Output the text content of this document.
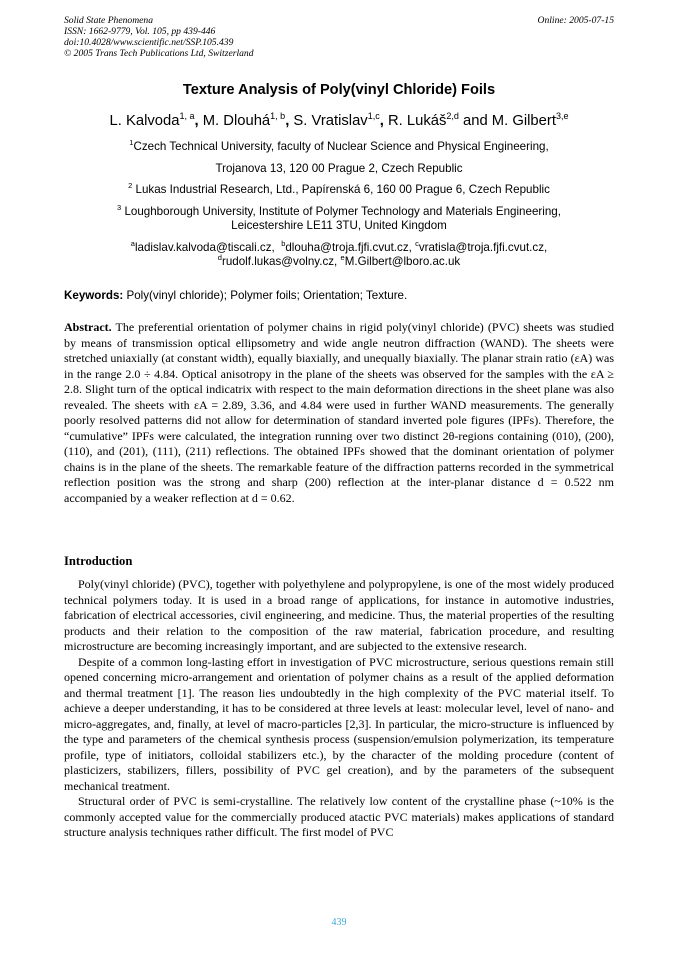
Solid State Phenomena
ISSN: 1662-9779, Vol. 105, pp 439-446
doi:10.4028/www.scientific.net/SSP.105.439
© 2005 Trans Tech Publications Ltd, Switzerland
Online: 2005-07-15
Texture Analysis of Poly(vinyl Chloride) Foils
L. Kalvoda$^{1, a}$, M. Dlouhá$^{1, b}$, S. Vratislav$^{1,c}$, R. Lukáš$^{2,d}$ and M. Gilbert$^{3,e}$
$^1$Czech Technical University, faculty of Nuclear Science and Physical Engineering,
Trojanova 13, 120 00 Prague 2, Czech Republic
$^2$ Lukas Industrial Research, Ltd., Papírenská 6, 160 00 Prague 6, Czech Republic
$^3$ Loughborough University, Institute of Polymer Technology and Materials Engineering,
Leicestershire LE11 3TU, United Kingdom
$^a$ladislav.kalvoda@tiscali.cz, $^b$dlouha@troja.fjfi.cvut.cz, $^c$vratisla@troja.fjfi.cvut.cz,
$^d$rudolf.lukas@volny.cz, $^e$M.Gilbert@lboro.ac.uk
Keywords: Poly(vinyl chloride); Polymer foils; Orientation; Texture.

Abstract. The preferential orientation of polymer chains in rigid poly(vinyl chloride) (PVC) sheets was studied by means of transmission optical ellipsometry and wide angle neutron diffraction (WAND). The sheets were stretched uniaxially (at constant width), equally biaxially, and unequally biaxially. The planar strain ratio (εA) was in the range 2.0 ÷ 4.84. Optical anisotropy in the plane of the sheets was observed for the samples with the εA ≥ 2.8. Slight turn of the optical indicatrix with respect to the main deformation directions in the sheet plane was also revealed. The sheets with εA = 2.89, 3.36, and 4.84 were used in further WAND measurements. The generally poorly resolved patterns did not allow for determination of standard inverted pole figures (IPFs). Therefore, the “cumulative” IPFs were calculated, the integration running over two distinct 2θ-regions containing (010), (200), (110), and (201), (111), (211) reflections. The obtained IPFs showed that the dominant orientation of polymer chains is in the plane of the sheets. The remarkable feature of the diffraction patterns recorded in the symmetrical reflection position was the strong and sharp (200) reflection at the inter-planar distance d = 0.522 nm accompanied by a weaker reflection at d = 0.62.

Introduction

Poly(vinyl chloride) (PVC), together with polyethylene and polypropylene, is one of the most widely produced technical polymers today. It is used in a broad range of applications, for instance in automotive industries, fabrication of electrical accessories, civil engineering, and medicine. Thus, the material properties of the resulting products and their relation to the composition of the raw material, fabrication procedure, and resulting microstructure are becoming increasingly important, and are subjected to the extensive research.

Despite of a common long-lasting effort in investigation of PVC microstructure, serious questions remain still opened concerning micro-arrangement and orientation of polymer chains as a result of the applied deformation and thermal treatment [1]. The reason lies undoubtedly in the high complexity of the PVC material itself. To achieve a deeper understanding, it has to be considered at three levels at least: molecular level, level of nano- and micro-aggregates, and, finally, at level of macro-particles [2,3]. In particular, the micro-structure is influenced by the type and parameters of the chemical synthesis process (suspension/emulsion polymerization, its temperature profile, type of initiators, colloidal stabilizers etc.), by the character of the molding procedure (content of plasticizers, stabilizers, fillers, possibility of PVC gel creation), and by the parameters of the subsequent mechanical treatment.

Structural order of PVC is semi-crystalline. The relatively low content of the crystalline phase (~10% is the commonly accepted value for the commercially produced atactic PVC materials) makes applications of standard structure analysis techniques rather difficult. The first model of PVC

439
